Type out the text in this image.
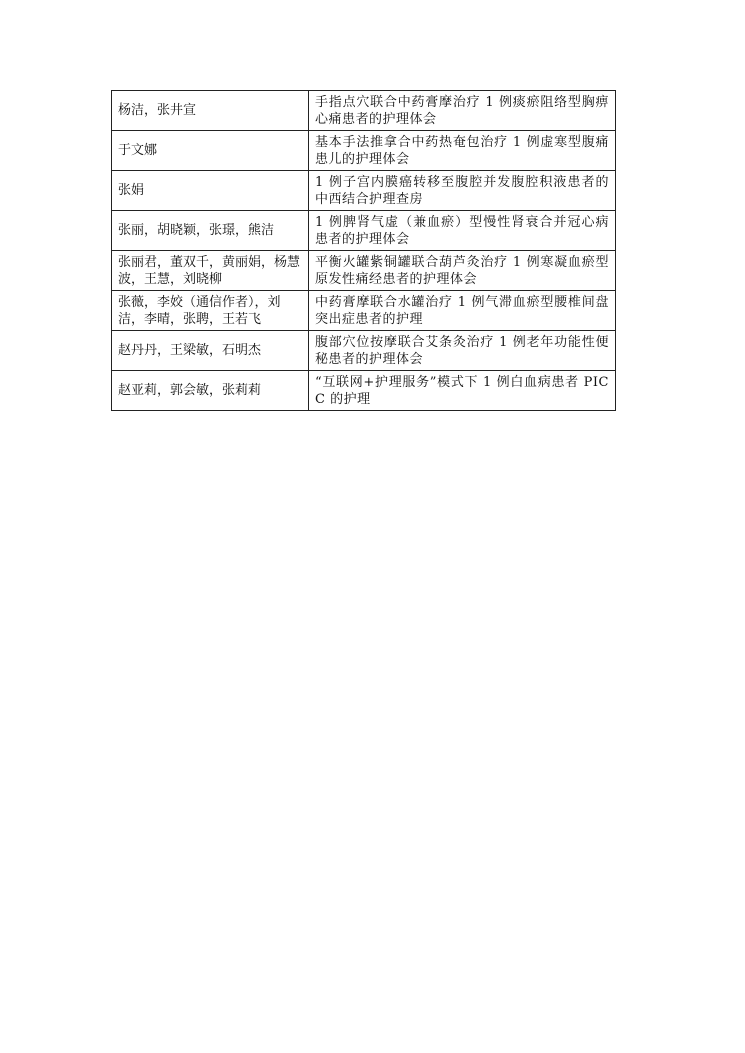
杨洁，张井宣	手指点穴联合中药膏摩治疗 1 例痰瘀阻络型胸痹心痛患者的护理体会
于文娜	基本手法推拿合中药热奄包治疗 1 例虚寒型腹痛患儿的护理体会
张娟	1 例子宫内膜癌转移至腹腔并发腹腔积液患者的中西结合护理查房
张丽，胡晓颖，张璟，熊洁	1 例脾肾气虚（兼血瘀）型慢性肾衰合并冠心病患者的护理体会
张丽君，董双千，黄丽娟，杨慧波，王慧，刘晓柳	平衡火罐紫铜罐联合葫芦灸治疗 1 例寒凝血瘀型原发性痛经患者的护理体会
张薇，李姣（通信作者），刘洁，李晴，张聘，王若飞	中药膏摩联合水罐治疗 1 例气滞血瘀型腰椎间盘突出症患者的护理
赵丹丹，王梁敏，石明杰	腹部穴位按摩联合艾条灸治疗 1 例老年功能性便秘患者的护理体会
赵亚莉，郭会敏，张莉莉	“互联网+护理服务”模式下 1 例白血病患者 PICC 的护理
